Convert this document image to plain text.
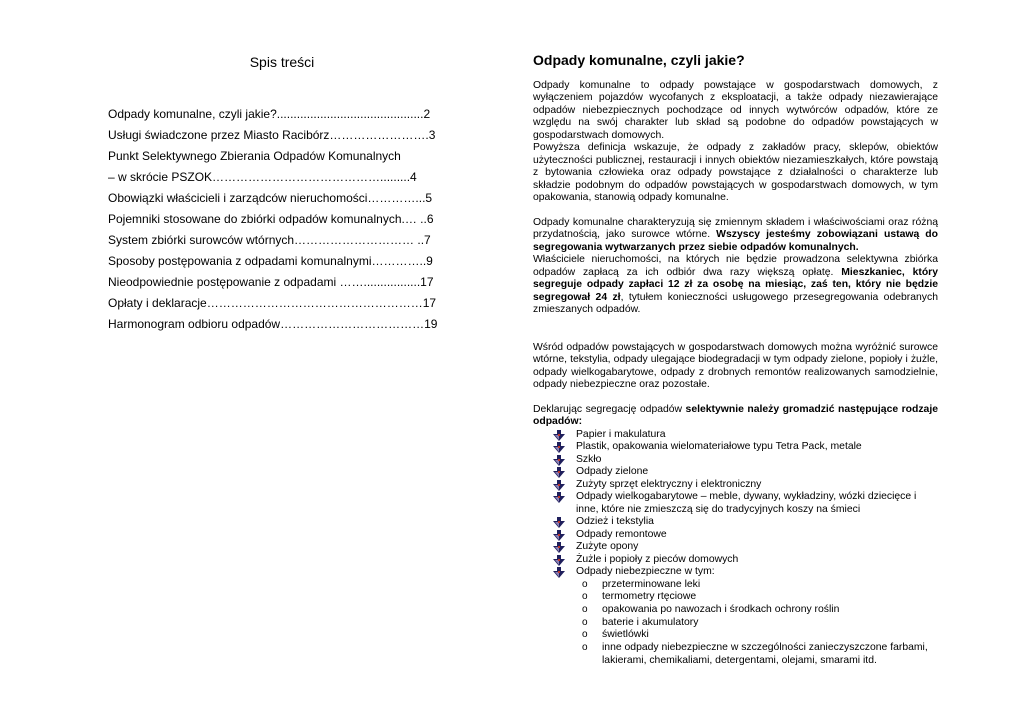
Spis treści
Odpady komunalne, czyli jakie?............................................2
Usługi świadczone przez Miasto Racibórz…………………….3
Punkt Selektywnego Zbierania Odpadów Komunalnych
– w skrócie PSZOK…………………………………….........4
Obowiązki właścicieli i zarządców nieruchomości…………...5
Pojemniki stosowane do zbiórki odpadów komunalnych.… ..6
System zbiórki surowców wtórnych………………………… ..7
Sposoby postępowania z odpadami komunalnymi…………..9
Nieodpowiednie postępowanie z odpadami …….................17
Opłaty i deklaracje………………………………………………17
Harmonogram odbioru odpadów………………………………19
Odpady komunalne, czyli jakie?

Odpady komunalne to odpady powstające w gospodarstwach domowych, z wyłączeniem pojazdów wycofanych z eksploatacji, a także odpady niezawierające odpadów niebezpiecznych pochodzące od innych wytwórców odpadów, które ze względu na swój charakter lub skład są podobne do odpadów powstających w gospodarstwach domowych.

Powyższa definicja wskazuje, że odpady z zakładów pracy, sklepów, obiektów użyteczności publicznej, restauracji i innych obiektów niezamieszkałych, które powstają z bytowania człowieka oraz odpady powstające z działalności o charakterze lub składzie podobnym do odpadów powstających w gospodarstwach domowych, w tym opakowania, stanowią odpady komunalne.

Odpady komunalne charakteryzują się zmiennym składem i właściwościami oraz różną przydatnością, jako surowce wtórne. Wszyscy jesteśmy zobowiązani ustawą do segregowania wytwarzanych przez siebie odpadów komunalnych.

Właściciele nieruchomości, na których nie będzie prowadzona selektywna zbiórka odpadów zapłacą za ich odbiór dwa razy większą opłatę. Mieszkaniec, który segreguje odpady zapłaci 12 zł za osobę na miesiąc, zaś ten, który nie będzie segregował 24 zł, tytułem konieczności usługowego przesegregowania odebranych zmieszanych odpadów.

Wśród odpadów powstających w gospodarstwach domowych można wyróżnić surowce wtórne, tekstylia, odpady ulegające biodegradacji w tym odpady zielone, popioły i żużle, odpady wielkogabarytowe, odpady z drobnych remontów realizowanych samodzielnie, odpady niebezpieczne oraz pozostałe.

Deklarując segregację odpadów selektywnie należy gromadzić następujące rodzaje odpadów:

Papier i makulatura
Plastik, opakowania wielomateriałowe typu Tetra Pack, metale
Szkło
Odpady zielone
Zużyty sprzęt elektryczny i elektroniczny
Odpady wielkogabarytowe – meble, dywany, wykładziny, wózki dziecięce i inne, które nie zmieszczą się do tradycyjnych koszy na śmieci
Odzież i tekstylia
Odpady remontowe
Zużyte opony
Żużle i popioły z pieców domowych
Odpady niebezpieczne w tym:
o przeterminowane leki
o termometry rtęciowe
o opakowania po nawozach i środkach ochrony roślin
o baterie i akumulatory
o świetlówki
o inne odpady niebezpieczne w szczególności zanieczyszczone farbami, lakierami, chemikaliami, detergentami, olejami, smarami itd.
